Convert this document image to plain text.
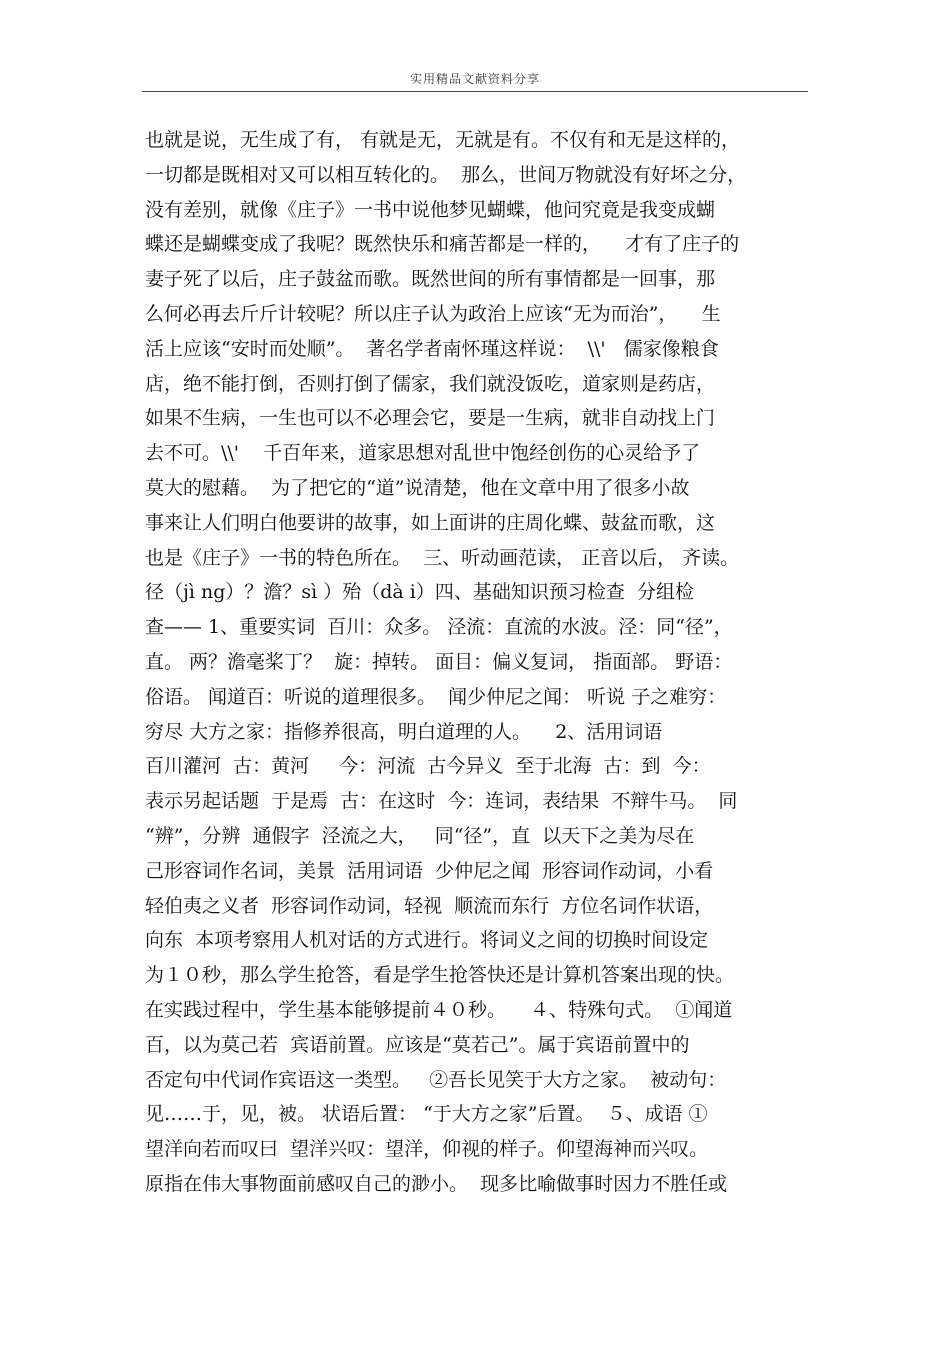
实用精品文献资料分享
也就是说，无生成了有， 有就是无，无就是有。不仅有和无是这样的，
一切都是既相对又可以相互转化的。  那么，世间万物就没有好坏之分，
没有差别，就像《庄子》一书中说他梦见蝴蝶，他问究竟是我变成蝴
蝶还是蝴蝶变成了我呢？既然快乐和痛苦都是一样的，    才有了庄子的
妻子死了以后，庄子鼓盆而歌。既然世间的所有事情都是一回事，那
么何必再去斤斤计较呢？所以庄子认为政治上应该“无为而治”，    生
活上应该“安时而处顺”。  著名学者南怀瑾这样说：  \\'   儒家像粮食
店，绝不能打倒，否则打倒了儒家，我们就没饭吃，道家则是药店，
如果不生病，一生也可以不必理会它，要是一生病，就非自动找上门
去不可。\\'    千百年来，道家思想对乱世中饱经创伤的心灵给予了
莫大的慰藉。  为了把它的“道”说清楚，他在文章中用了很多小故
事来让人们明白他要讲的故事，如上面讲的庄周化蝶、鼓盆而歌，这
也是《庄子》一书的特色所在。  三、听动画范读， 正音以后， 齐读。
径（jì ng）？澹？sì ）殆（dà i）四、基础知识预习检查  分组检
查—— 1、重要实词  百川：众多。 泾流：直流的水波。泾：同“径”，
直。 两？澹毫桨丁？  旋：掉转。 面目：偏义复词， 指面部。 野语：
俗语。 闻道百：听说的道理很多。  闻少仲尼之闻： 听说 子之难穷：
穷尽 大方之家：指修养很高，明白道理的人。    2、活用词语
百川灌河  古：黄河     今：河流  古今异义  至于北海  古：到  今：
表示另起话题  于是焉  古：在这时  今：连词，表结果  不辩牛马。  同
“辨”，分辨  通假字  泾流之大，   同“径”，直  以天下之美为尽在
己形容词作名词，美景  活用词语  少仲尼之闻  形容词作动词，小看
轻伯夷之义者  形容词作动词，轻视  顺流而东行  方位名词作状语，
向东  本项考察用人机对话的方式进行。将词义之间的切换时间设定
为１０秒，那么学生抢答，看是学生抢答快还是计算机答案出现的快。
在实践过程中，学生基本能够提前４０秒。    ４、特殊句式。  ①闻道
百，以为莫己若  宾语前置。应该是“莫若己”。属于宾语前置中的
否定句中代词作宾语这一类型。   ②吾长见笑于大方之家。  被动句：
见……于，见，被。 状语后置： “于大方之家”后置。  ５、成语 ①
望洋向若而叹曰  望洋兴叹：望洋，仰视的样子。仰望海神而兴叹。
原指在伟大事物面前感叹自己的渺小。  现多比喻做事时因力不胜任或
